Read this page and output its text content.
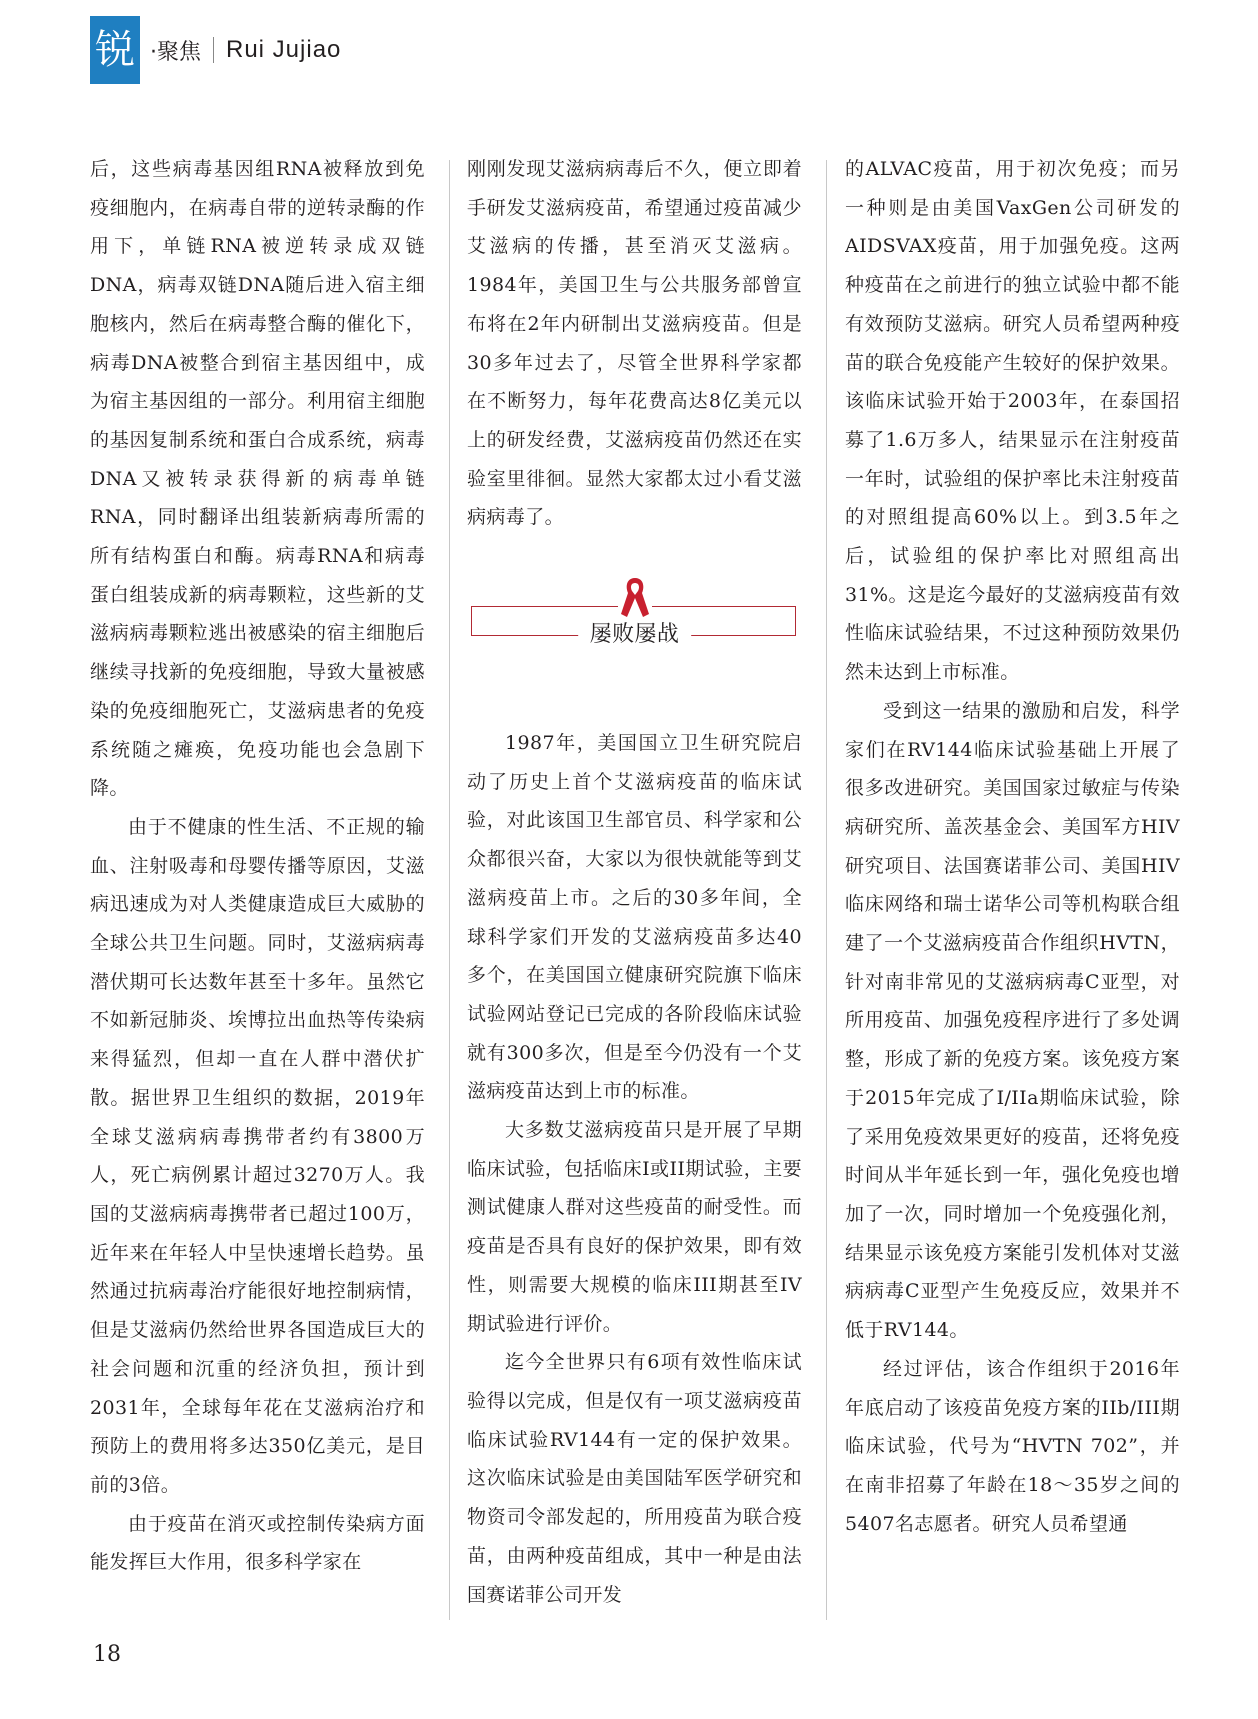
锐 ·聚焦 Rui Jujiao

后，这些病毒基因组RNA被释放到免疫细胞内，在病毒自带的逆转录酶的作用下，单链RNA被逆转录成双链DNA，病毒双链DNA随后进入宿主细胞核内，然后在病毒整合酶的催化下，病毒DNA被整合到宿主基因组中，成为宿主基因组的一部分。利用宿主细胞的基因复制系统和蛋白合成系统，病毒DNA又被转录获得新的病毒单链RNA，同时翻译出组装新病毒所需的所有结构蛋白和酶。病毒RNA和病毒蛋白组装成新的病毒颗粒，这些新的艾滋病病毒颗粒逃出被感染的宿主细胞后继续寻找新的免疫细胞，导致大量被感染的免疫细胞死亡，艾滋病患者的免疫系统随之瘫痪，免疫功能也会急剧下降。

由于不健康的性生活、不正规的输血、注射吸毒和母婴传播等原因，艾滋病迅速成为对人类健康造成巨大威胁的全球公共卫生问题。同时，艾滋病病毒潜伏期可长达数年甚至十多年。虽然它不如新冠肺炎、埃博拉出血热等传染病来得猛烈，但却一直在人群中潜伏扩散。据世界卫生组织的数据，2019年全球艾滋病病毒携带者约有3800万人，死亡病例累计超过3270万人。我国的艾滋病病毒携带者已超过100万，近年来在年轻人中呈快速增长趋势。虽然通过抗病毒治疗能很好地控制病情，但是艾滋病仍然给世界各国造成巨大的社会问题和沉重的经济负担，预计到2031年，全球每年花在艾滋病治疗和预防上的费用将多达350亿美元，是目前的3倍。

由于疫苗在消灭或控制传染病方面能发挥巨大作用，很多科学家在

刚刚发现艾滋病病毒后不久，便立即着手研发艾滋病疫苗，希望通过疫苗减少艾滋病的传播，甚至消灭艾滋病。1984年，美国卫生与公共服务部曾宣布将在2年内研制出艾滋病疫苗。但是30多年过去了，尽管全世界科学家都在不断努力，每年花费高达8亿美元以上的研发经费，艾滋病疫苗仍然还在实验室里徘徊。显然大家都太过小看艾滋病病毒了。

屡败屡战

1987年，美国国立卫生研究院启动了历史上首个艾滋病疫苗的临床试验，对此该国卫生部官员、科学家和公众都很兴奋，大家以为很快就能等到艾滋病疫苗上市。之后的30多年间，全球科学家们开发的艾滋病疫苗多达40多个，在美国国立健康研究院旗下临床试验网站登记已完成的各阶段临床试验就有300多次，但是至今仍没有一个艾滋病疫苗达到上市的标准。

大多数艾滋病疫苗只是开展了早期临床试验，包括临床I或II期试验，主要测试健康人群对这些疫苗的耐受性。而疫苗是否具有良好的保护效果，即有效性，则需要大规模的临床III期甚至IV期试验进行评价。

迄今全世界只有6项有效性临床试验得以完成，但是仅有一项艾滋病疫苗临床试验RV144有一定的保护效果。这次临床试验是由美国陆军医学研究和物资司令部发起的，所用疫苗为联合疫苗，由两种疫苗组成，其中一种是由法国赛诺菲公司开发

的ALVAC疫苗，用于初次免疫；而另一种则是由美国VaxGen公司研发的AIDSVAX疫苗，用于加强免疫。这两种疫苗在之前进行的独立试验中都不能有效预防艾滋病。研究人员希望两种疫苗的联合免疫能产生较好的保护效果。该临床试验开始于2003年，在泰国招募了1.6万多人，结果显示在注射疫苗一年时，试验组的保护率比未注射疫苗的对照组提高60%以上。到3.5年之后，试验组的保护率比对照组高出31%。这是迄今最好的艾滋病疫苗有效性临床试验结果，不过这种预防效果仍然未达到上市标准。

受到这一结果的激励和启发，科学家们在RV144临床试验基础上开展了很多改进研究。美国国家过敏症与传染病研究所、盖茨基金会、美国军方HIV研究项目、法国赛诺菲公司、美国HIV临床网络和瑞士诺华公司等机构联合组建了一个艾滋病疫苗合作组织HVTN，针对南非常见的艾滋病病毒C亚型，对所用疫苗、加强免疫程序进行了多处调整，形成了新的免疫方案。该免疫方案于2015年完成了I/IIa期临床试验，除了采用免疫效果更好的疫苗，还将免疫时间从半年延长到一年，强化免疫也增加了一次，同时增加一个免疫强化剂，结果显示该免疫方案能引发机体对艾滋病病毒C亚型产生免疫反应，效果并不低于RV144。

经过评估，该合作组织于2016年年底启动了该疫苗免疫方案的IIb/III期临床试验，代号为“HVTN 702”，并在南非招募了年龄在18～35岁之间的5407名志愿者。研究人员希望通

18
